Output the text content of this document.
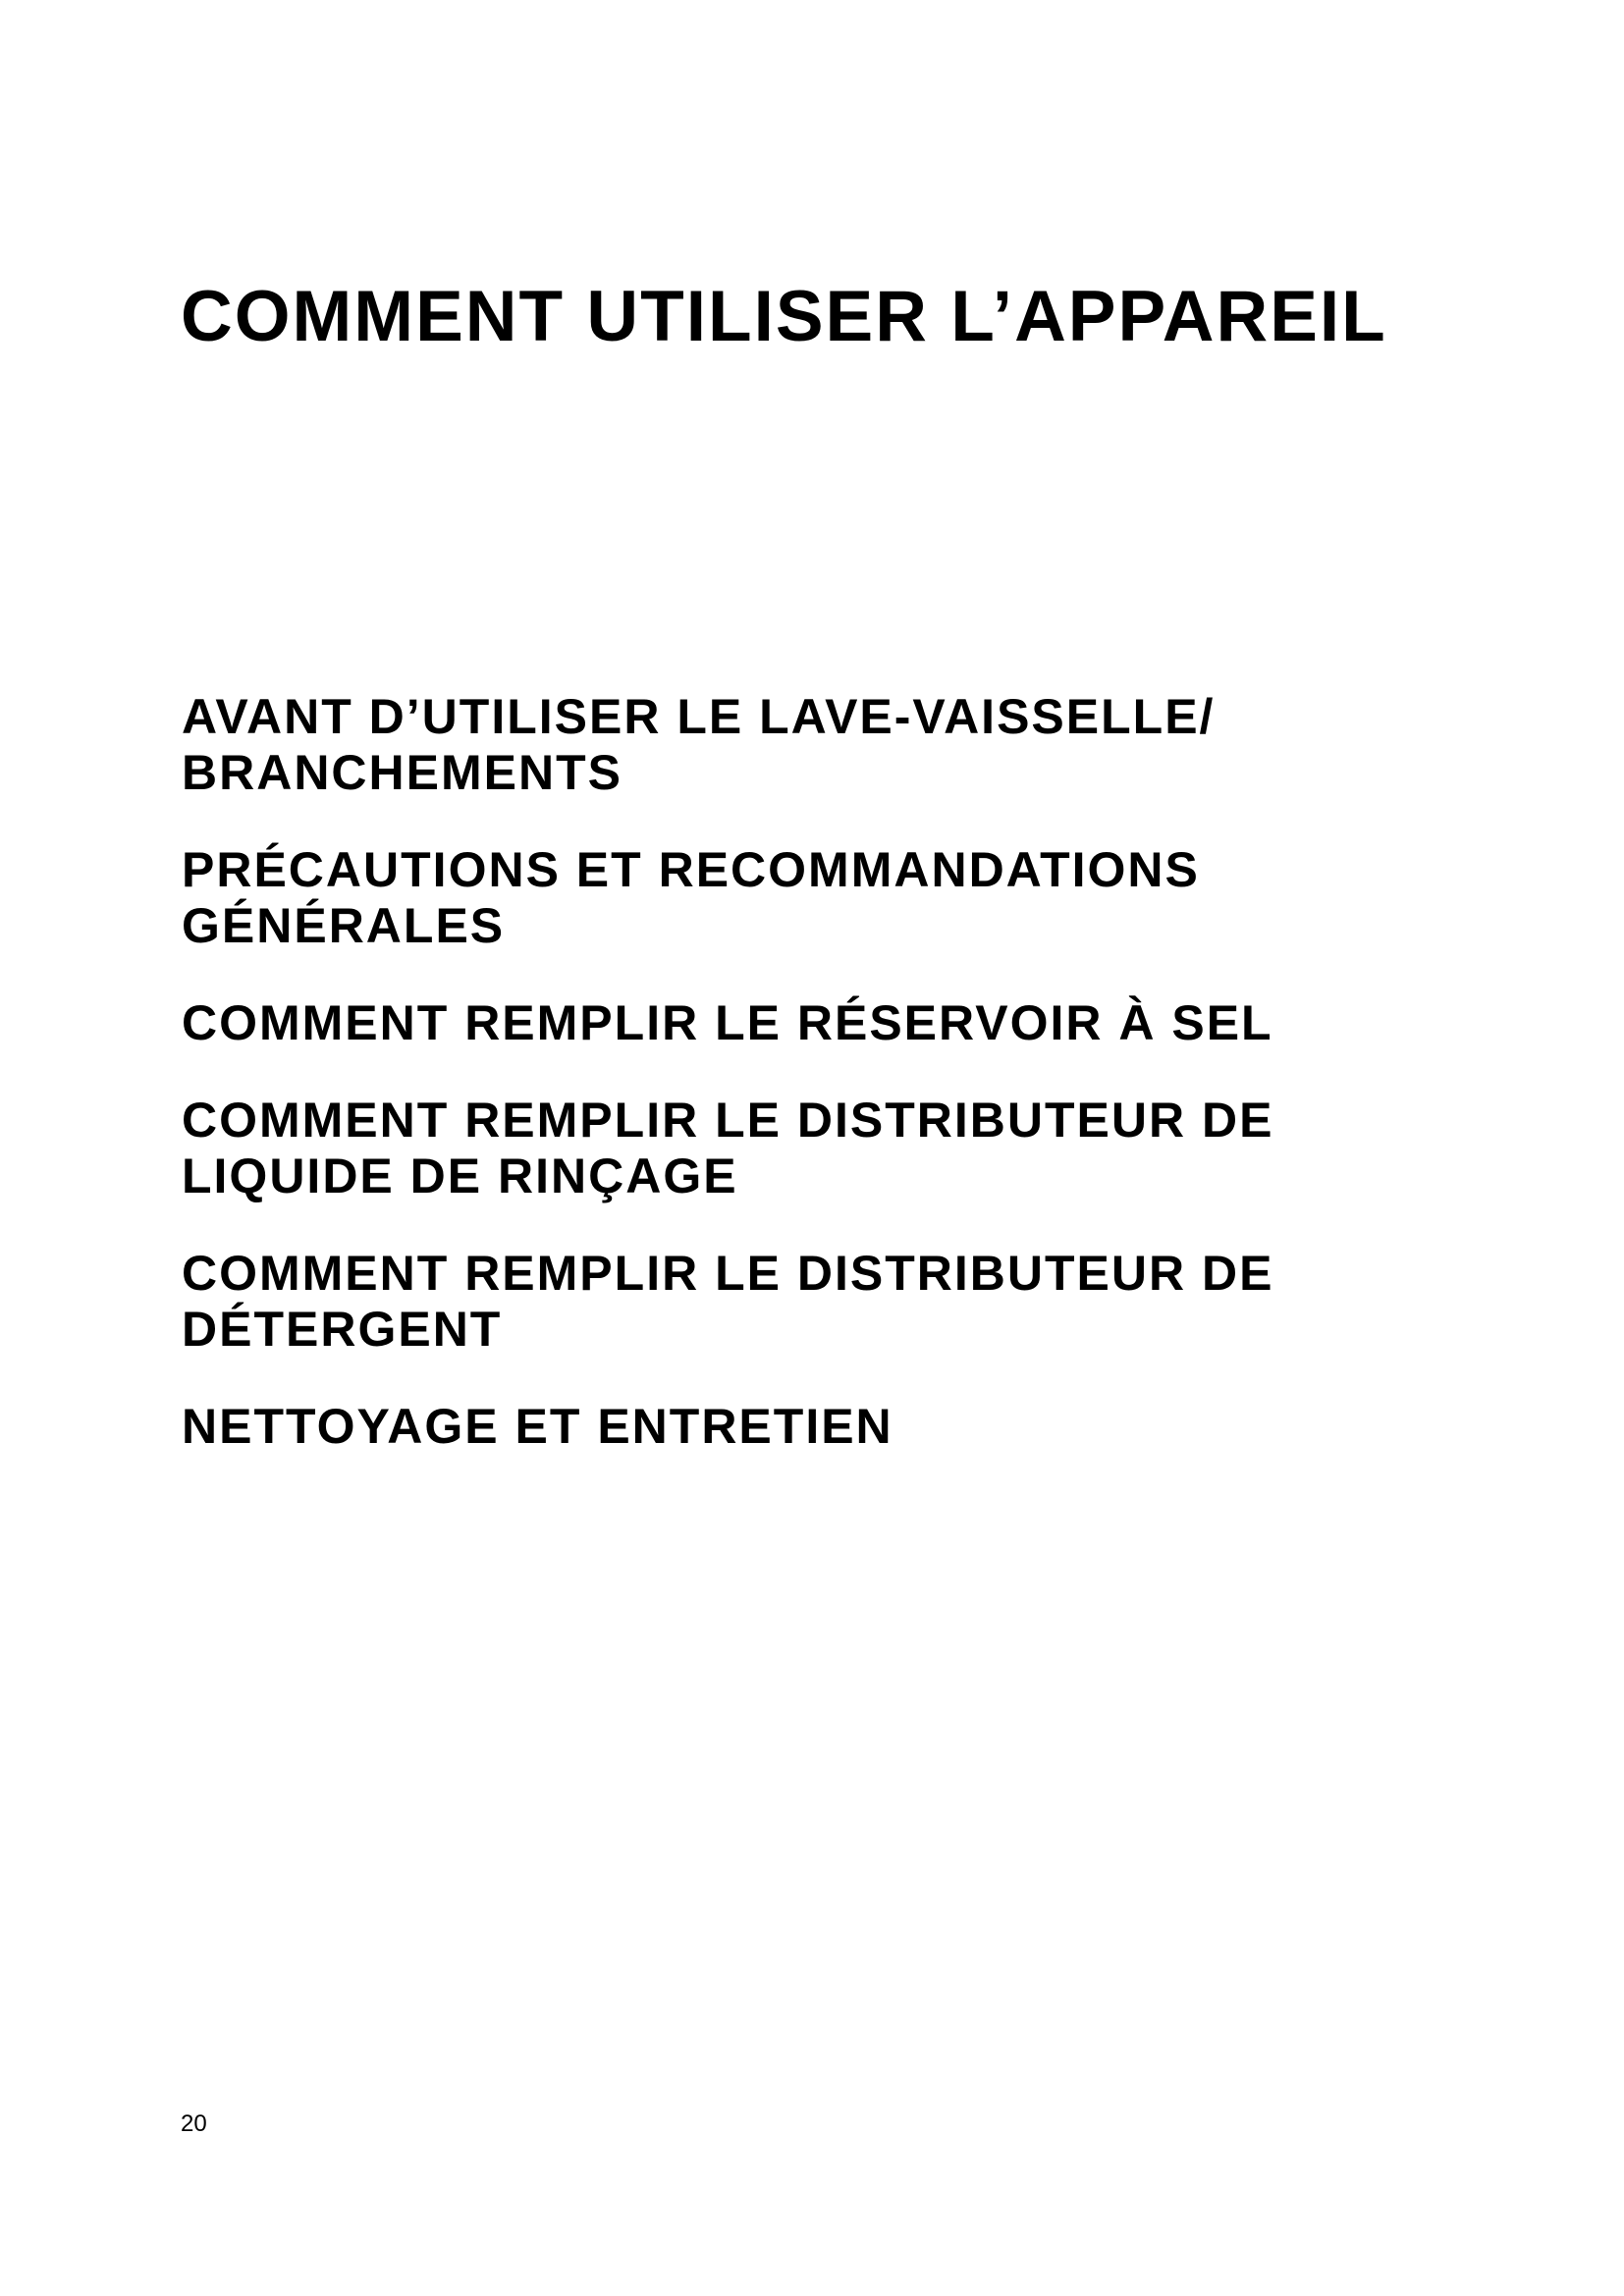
COMMENT UTILISER L’APPAREIL
AVANT D’UTILISER LE LAVE-VAISSELLE/
BRANCHEMENTS
PRÉCAUTIONS ET RECOMMANDATIONS
GÉNÉRALES
COMMENT REMPLIR LE RÉSERVOIR À SEL
COMMENT REMPLIR LE DISTRIBUTEUR DE
LIQUIDE DE RINÇAGE
COMMENT REMPLIR LE DISTRIBUTEUR DE
DÉTERGENT
NETTOYAGE ET ENTRETIEN
20
